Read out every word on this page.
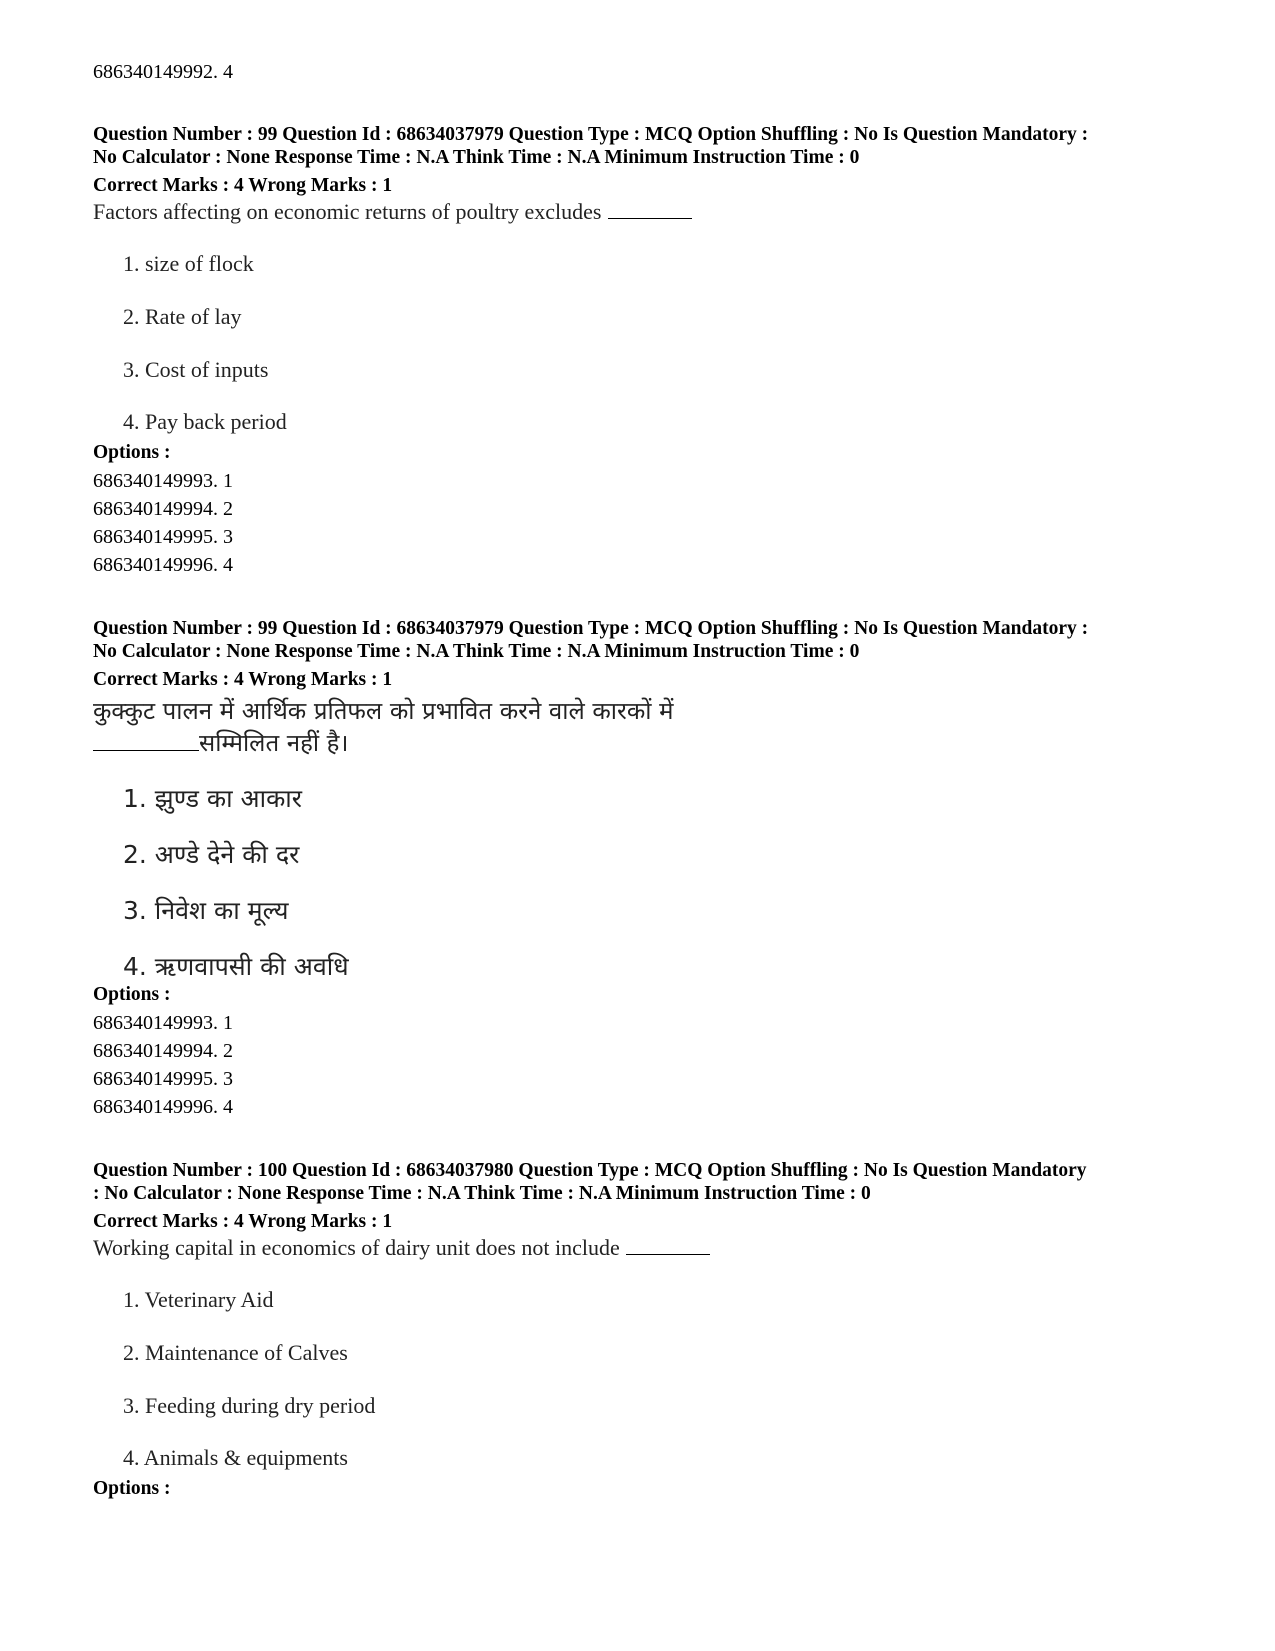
686340149992. 4

Question Number : 99 Question Id : 68634037979 Question Type : MCQ Option Shuffling : No Is Question Mandatory :

No Calculator : None Response Time : N.A Think Time : N.A Minimum Instruction Time : 0

Correct Marks : 4 Wrong Marks : 1

Factors affecting on economic returns of poultry excludes

1. size of flock

2. Rate of lay

3. Cost of inputs

4. Pay back period

Options :

686340149993. 1

686340149994. 2

686340149995. 3

686340149996. 4

Question Number : 99 Question Id : 68634037979 Question Type : MCQ Option Shuffling : No Is Question Mandatory :

No Calculator : None Response Time : N.A Think Time : N.A Minimum Instruction Time : 0

Correct Marks : 4 Wrong Marks : 1

कुक्कुट पालन में आर्थिक प्रतिफल को प्रभावित करने वाले कारकों में

सम्मिलित नहीं है।

1. झुण्ड का आकार

2. अण्डे देने की दर

3. निवेश का मूल्य

4. ऋणवापसी की अवधि

Options :

686340149993. 1

686340149994. 2

686340149995. 3

686340149996. 4

Question Number : 100 Question Id : 68634037980 Question Type : MCQ Option Shuffling : No Is Question Mandatory

: No Calculator : None Response Time : N.A Think Time : N.A Minimum Instruction Time : 0

Correct Marks : 4 Wrong Marks : 1

Working capital in economics of dairy unit does not include

1. Veterinary Aid

2. Maintenance of Calves

3. Feeding during dry period

4. Animals & equipments

Options :
